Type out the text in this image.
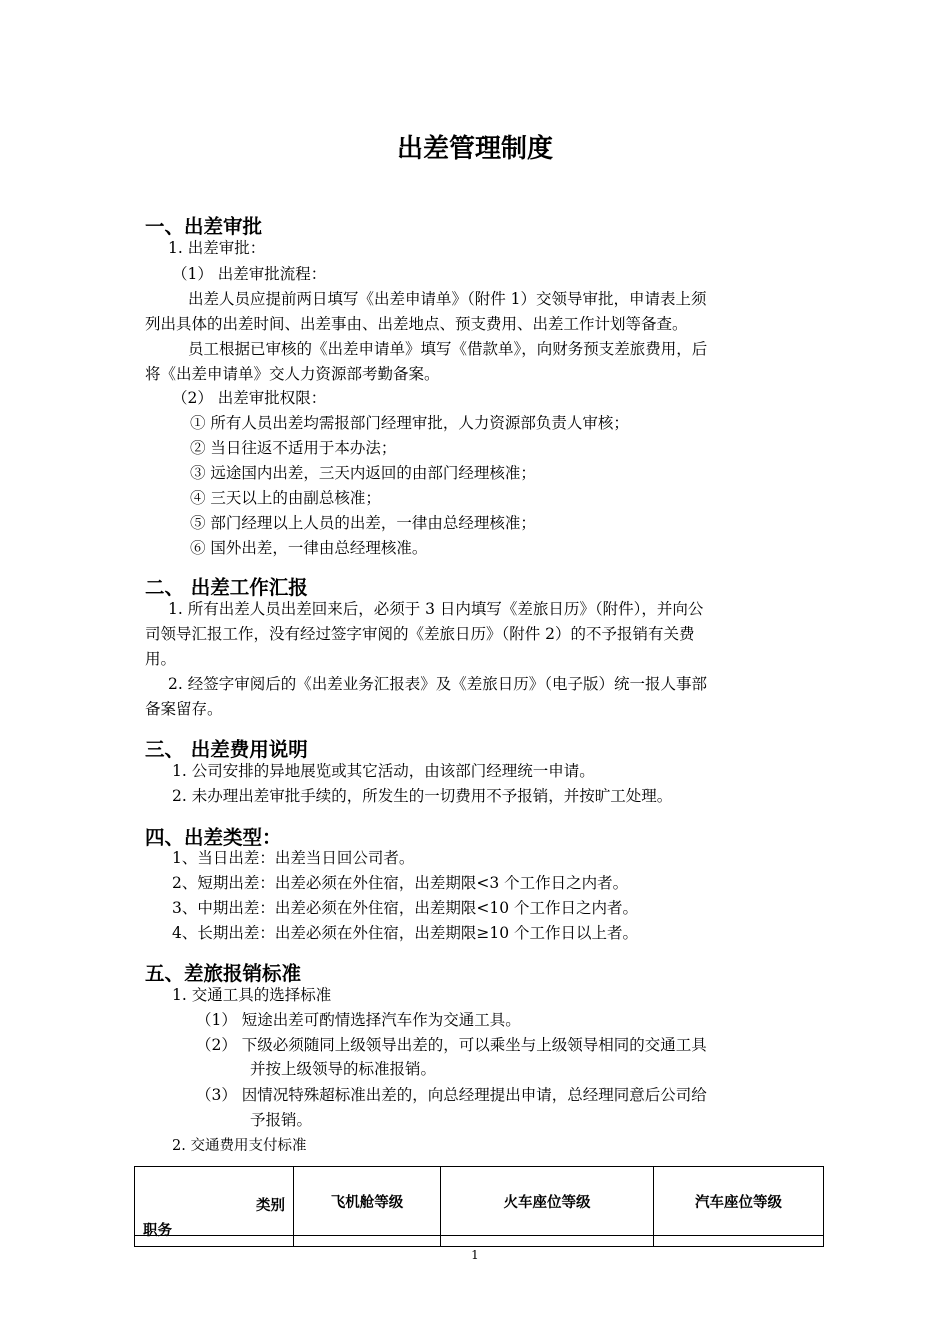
出差管理制度
一、出差审批
1. 出差审批：
（1） 出差审批流程：
出差人员应提前两日填写《出差申请单》（附件 1）交领导审批，申请表上须
列出具体的出差时间、出差事由、出差地点、预支费用、出差工作计划等备查。
员工根据已审核的《出差申请单》填写《借款单》，向财务预支差旅费用，后
将《出差申请单》交人力资源部考勤备案。
（2） 出差审批权限：
① 所有人员出差均需报部门经理审批，人力资源部负责人审核；
② 当日往返不适用于本办法；
③ 远途国内出差，三天内返回的由部门经理核准；
④ 三天以上的由副总核准；
⑤ 部门经理以上人员的出差，一律由总经理核准；
⑥ 国外出差，一律由总经理核准。
二、 出差工作汇报
1. 所有出差人员出差回来后，必须于 3 日内填写《差旅日历》（附件），并向公
司领导汇报工作，没有经过签字审阅的《差旅日历》（附件 2）的不予报销有关费
用。
2. 经签字审阅后的《出差业务汇报表》及《差旅日历》（电子版）统一报人事部
备案留存。
三、 出差费用说明
1. 公司安排的异地展览或其它活动，由该部门经理统一申请。
2. 未办理出差审批手续的，所发生的一切费用不予报销，并按旷工处理。
四、出差类型：
1、当日出差：出差当日回公司者。
2、短期出差：出差必须在外住宿，出差期限<3 个工作日之内者。
3、中期出差：出差必须在外住宿，出差期限<10 个工作日之内者。
4、长期出差：出差必须在外住宿，出差期限≥10 个工作日以上者。
五、差旅报销标准
1. 交通工具的选择标准
（1） 短途出差可酌情选择汽车作为交通工具。
（2） 下级必须随同上级领导出差的，可以乘坐与上级领导相同的交通工具
并按上级领导的标准报销。
（3） 因情况特殊超标准出差的，向总经理提出申请，总经理同意后公司给
予报销。
2. 交通费用支付标准
类别
职务	飞机舱等级	火车座位等级	汽车座位等级

1
